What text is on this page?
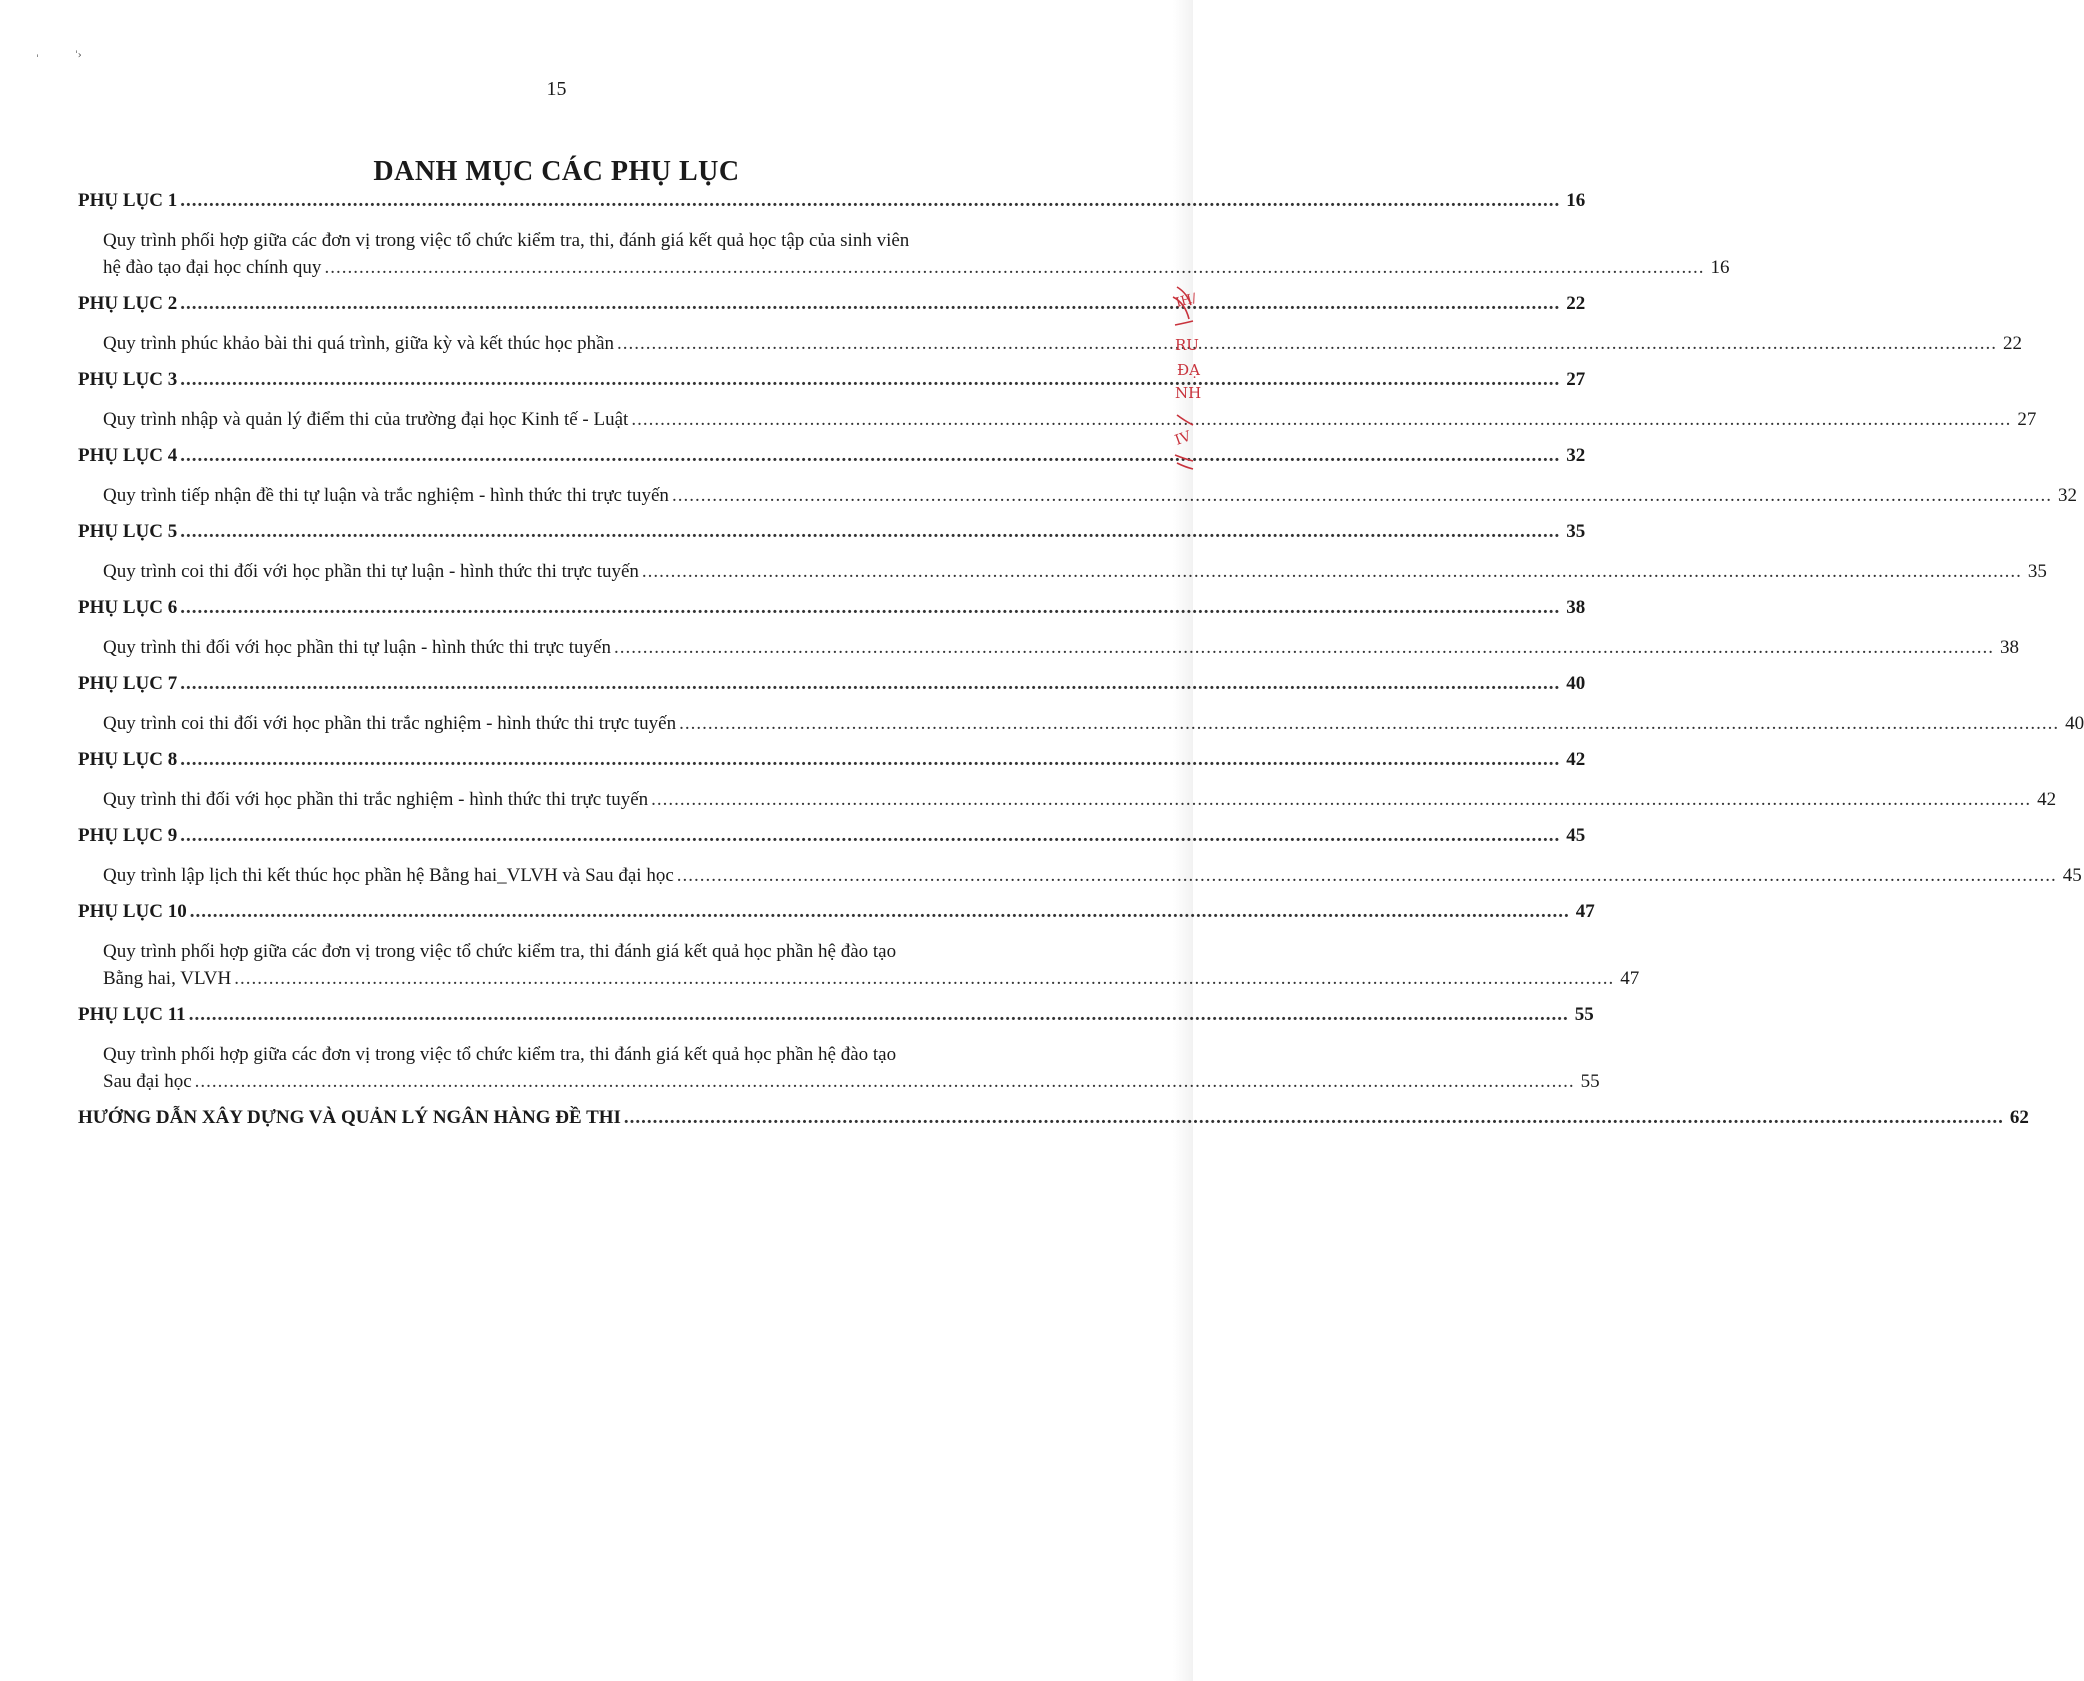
ˈ	ˈ›
15
DANH MỤC CÁC PHỤ LỤC
PHỤ LỤC 1 .....	16
Quy trình phối hợp giữa các đơn vị trong việc tổ chức kiểm tra, thi, đánh giá kết quả học tập của sinh viên
hệ đào tạo đại học chính quy .....	16
PHỤ LỤC 2 .....	22
Quy trình phúc khảo bài thi quá trình, giữa kỳ và kết thúc học phần .....	22
PHỤ LỤC 3 .....	27
Quy trình nhập và quản lý điểm thi của trường đại học Kinh tế - Luật .....	27
PHỤ LỤC 4 .....	32
Quy trình tiếp nhận đề thi tự luận và trắc nghiệm - hình thức thi trực tuyến .....	32
PHỤ LỤC 5 .....	35
Quy trình coi thi đối với học phần thi tự luận - hình thức thi trực tuyến .....	35
PHỤ LỤC 6 .....	38
Quy trình thi đối với học phần thi tự luận - hình thức thi trực tuyến .....	38
PHỤ LỤC 7 .....	40
Quy trình coi thi đối với học phần thi trắc nghiệm - hình thức thi trực tuyến .....	40
PHỤ LỤC 8 .....	42
Quy trình thi đối với học phần thi trắc nghiệm - hình thức thi trực tuyến .....	42
PHỤ LỤC 9 .....	45
Quy trình lập lịch thi kết thúc học phần hệ Bằng hai_VLVH và Sau đại học .....	45
PHỤ LỤC 10 .....	47
Quy trình phối hợp giữa các đơn vị trong việc tổ chức kiểm tra, thi đánh giá kết quả học phần hệ đào tạo
Bằng hai, VLVH .....	47
PHỤ LỤC 11 .....	55
Quy trình phối hợp giữa các đơn vị trong việc tổ chức kiểm tra, thi đánh giá kết quả học phần hệ đào tạo
Sau đại học .....	55
HƯỚNG DẪN XÂY DỰNG VÀ QUẢN LÝ NGÂN HÀNG ĐỀ THI .....	62
ΙΗ/
RU
ĐẠ
NH
IV
